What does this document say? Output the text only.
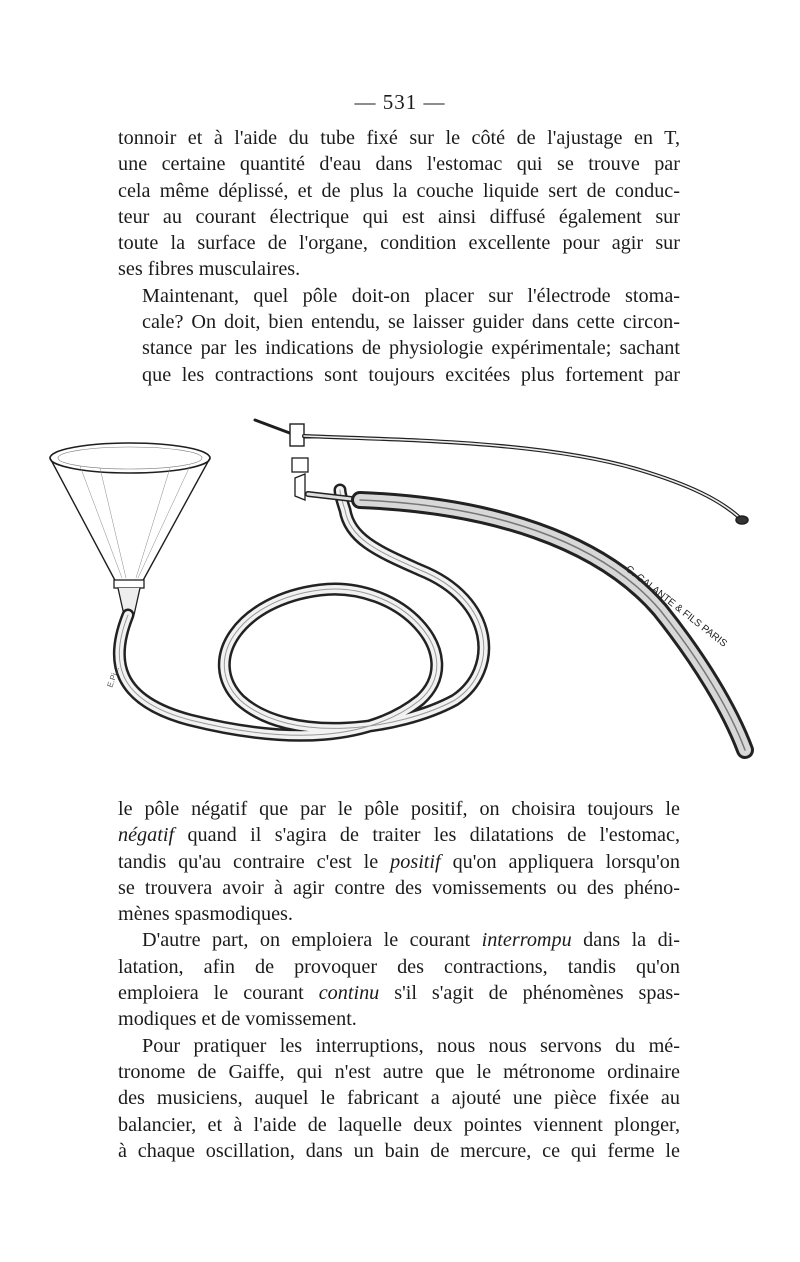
— 531 —

tonnoir et à l'aide du tube fixé sur le côté de l'ajustage en T,
une certaine quantité d'eau dans l'estomac qui se trouve par
cela même déplissé, et de plus la couche liquide sert de conduc-
teur au courant électrique qui est ainsi diffusé également sur
toute la surface de l'organe, condition excellente pour agir sur
ses fibres musculaires.

Maintenant, quel pôle doit-on placer sur l'électrode stoma-
cale? On doit, bien entendu, se laisser guider dans cette circon-
stance par les indications de physiologie expérimentale; sachant
que les contractions sont toujours excitées plus fortement par

G. GALANTE & FILS PARIS
E.Pi...

le pôle négatif que par le pôle positif, on choisira toujours le
négatif quand il s'agira de traiter les dilatations de l'estomac,
tandis qu'au contraire c'est le positif qu'on appliquera lorsqu'on
se trouvera avoir à agir contre des vomissements ou des phéno-
mènes spasmodiques.

D'autre part, on emploiera le courant interrompu dans la di-
latation, afin de provoquer des contractions, tandis qu'on
emploiera le courant continu s'il s'agit de phénomènes spas-
modiques et de vomissement.

Pour pratiquer les interruptions, nous nous servons du mé-
tronome de Gaiffe, qui n'est autre que le métronome ordinaire
des musiciens, auquel le fabricant a ajouté une pièce fixée au
balancier, et à l'aide de laquelle deux pointes viennent plonger,
à chaque oscillation, dans un bain de mercure, ce qui ferme le
